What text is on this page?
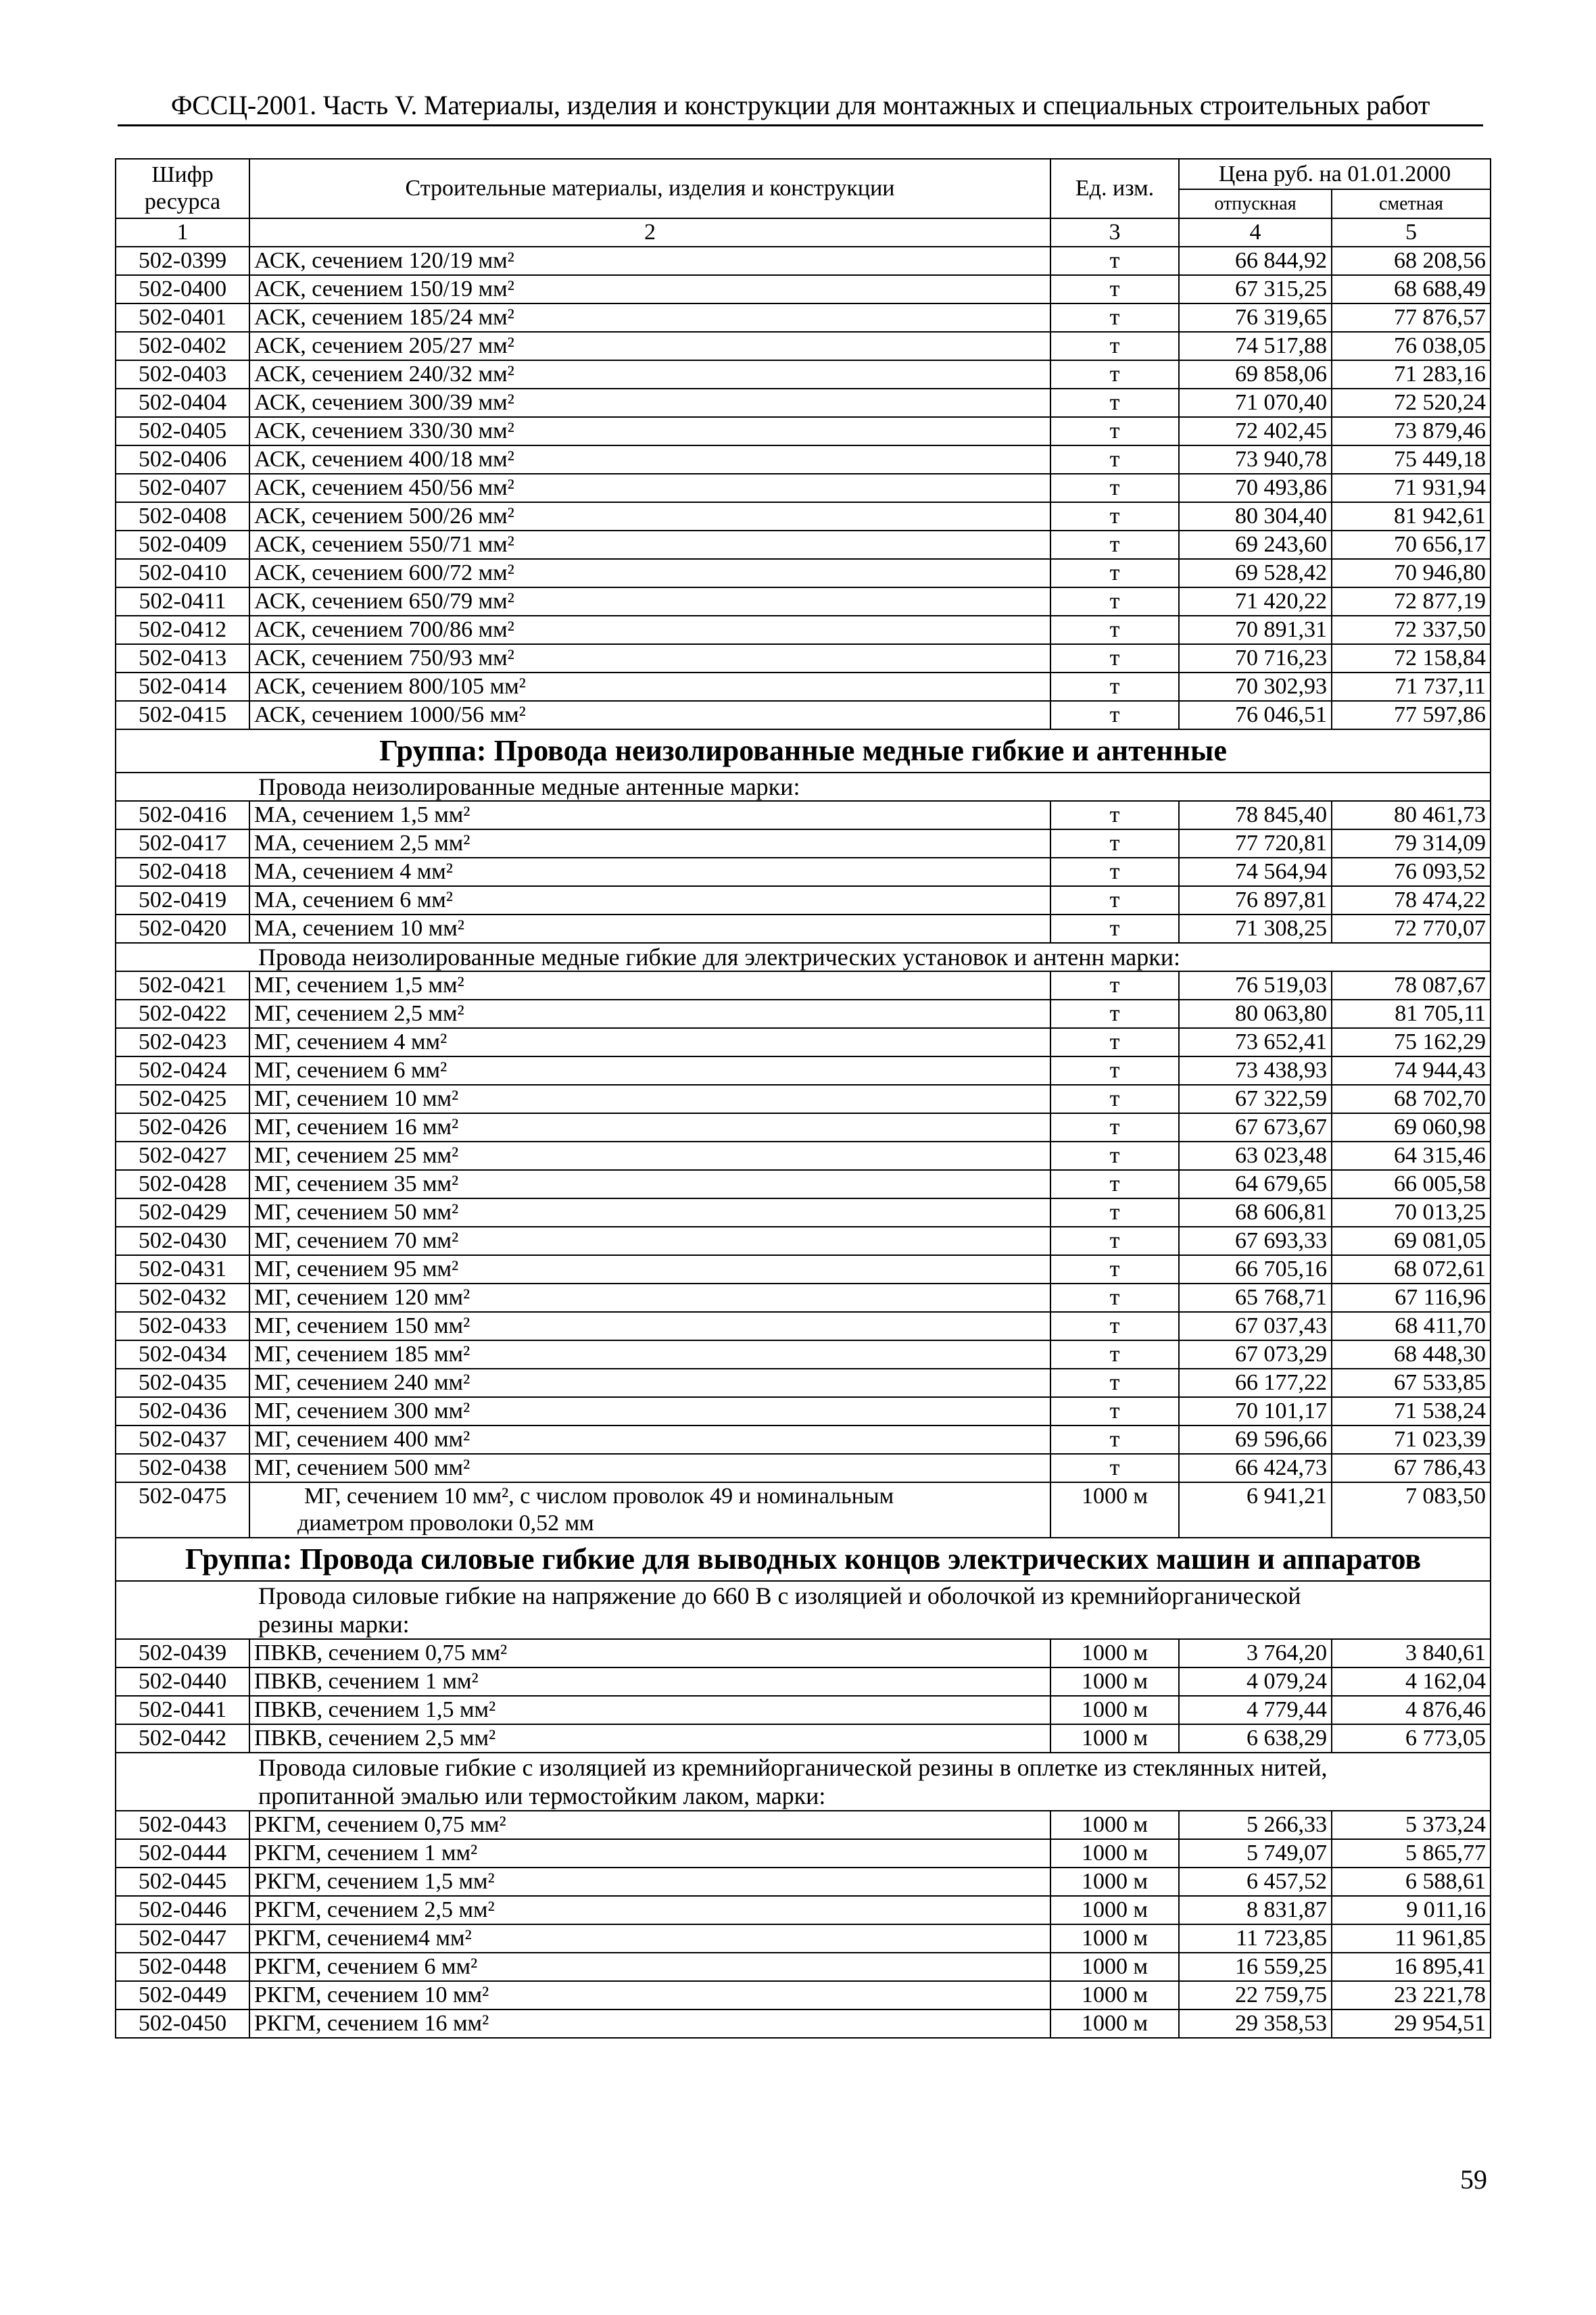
ФССЦ-2001. Часть V. Материалы, изделия и конструкции для монтажных и специальных строительных работ
Шифр ресурса	Строительные материалы, изделия и конструкции	Ед. изм.	Цена руб. на 01.01.2000	
			отпускная	сметная
1	2	3	4	5
502-0399	АСК, сечением 120/19 мм²	т	66 844,92	68 208,56
502-0400	АСК, сечением 150/19 мм²	т	67 315,25	68 688,49
502-0401	АСК, сечением 185/24 мм²	т	76 319,65	77 876,57
502-0402	АСК, сечением 205/27 мм²	т	74 517,88	76 038,05
502-0403	АСК, сечением 240/32 мм²	т	69 858,06	71 283,16
502-0404	АСК, сечением 300/39 мм²	т	71 070,40	72 520,24
502-0405	АСК, сечением 330/30 мм²	т	72 402,45	73 879,46
502-0406	АСК, сечением 400/18 мм²	т	73 940,78	75 449,18
502-0407	АСК, сечением 450/56 мм²	т	70 493,86	71 931,94
502-0408	АСК, сечением 500/26 мм²	т	80 304,40	81 942,61
502-0409	АСК, сечением 550/71 мм²	т	69 243,60	70 656,17
502-0410	АСК, сечением 600/72 мм²	т	69 528,42	70 946,80
502-0411	АСК, сечением 650/79 мм²	т	71 420,22	72 877,19
502-0412	АСК, сечением 700/86 мм²	т	70 891,31	72 337,50
502-0413	АСК, сечением 750/93 мм²	т	70 716,23	72 158,84
502-0414	АСК, сечением 800/105 мм²	т	70 302,93	71 737,11
502-0415	АСК, сечением 1000/56 мм²	т	76 046,51	77 597,86
Группа: Провода неизолированные медные гибкие и антенные				
Провода неизолированные медные антенные марки:				
502-0416	МА, сечением 1,5 мм²	т	78 845,40	80 461,73
502-0417	МА, сечением 2,5 мм²	т	77 720,81	79 314,09
502-0418	МА, сечением 4 мм²	т	74 564,94	76 093,52
502-0419	МА, сечением 6 мм²	т	76 897,81	78 474,22
502-0420	МА, сечением 10 мм²	т	71 308,25	72 770,07
Провода неизолированные медные гибкие для электрических установок и антенн марки:				
502-0421	МГ, сечением 1,5 мм²	т	76 519,03	78 087,67
502-0422	МГ, сечением 2,5 мм²	т	80 063,80	81 705,11
502-0423	МГ, сечением 4 мм²	т	73 652,41	75 162,29
502-0424	МГ, сечением 6 мм²	т	73 438,93	74 944,43
502-0425	МГ, сечением 10 мм²	т	67 322,59	68 702,70
502-0426	МГ, сечением 16 мм²	т	67 673,67	69 060,98
502-0427	МГ, сечением 25 мм²	т	63 023,48	64 315,46
502-0428	МГ, сечением 35 мм²	т	64 679,65	66 005,58
502-0429	МГ, сечением 50 мм²	т	68 606,81	70 013,25
502-0430	МГ, сечением 70 мм²	т	67 693,33	69 081,05
502-0431	МГ, сечением 95 мм²	т	66 705,16	68 072,61
502-0432	МГ, сечением 120 мм²	т	65 768,71	67 116,96
502-0433	МГ, сечением 150 мм²	т	67 037,43	68 411,70
502-0434	МГ, сечением 185 мм²	т	67 073,29	68 448,30
502-0435	МГ, сечением 240 мм²	т	66 177,22	67 533,85
502-0436	МГ, сечением 300 мм²	т	70 101,17	71 538,24
502-0437	МГ, сечением 400 мм²	т	69 596,66	71 023,39
502-0438	МГ, сечением 500 мм²	т	66 424,73	67 786,43
502-0475	МГ, сечением 10 мм², с числом проволок 49 и номинальным
диаметром проволоки 0,52 мм	1000 м	6 941,21	7 083,50
Группа: Провода силовые гибкие для выводных концов электрических машин и аппаратов				

Провода силовые гибкие на напряжение до 660 В с изоляцией и оболочкой из кремнийорганической
резины марки:				

502-0439	ПВКВ, сечением 0,75 мм²	1000 м	3 764,20	3 840,61
502-0440	ПВКВ, сечением 1 мм²	1000 м	4 079,24	4 162,04
502-0441	ПВКВ, сечением 1,5 мм²	1000 м	4 779,44	4 876,46
502-0442	ПВКВ, сечением 2,5 мм²	1000 м	6 638,29	6 773,05

Провода силовые гибкие с изоляцией из кремнийорганической резины в оплетке из стеклянных нитей,
пропитанной эмалью или термостойким лаком, марки:				

502-0443	РКГМ, сечением 0,75 мм²	1000 м	5 266,33	5 373,24
502-0444	РКГМ, сечением 1 мм²	1000 м	5 749,07	5 865,77
502-0445	РКГМ, сечением 1,5 мм²	1000 м	6 457,52	6 588,61
502-0446	РКГМ, сечением 2,5 мм²	1000 м	8 831,87	9 011,16
502-0447	РКГМ, сечением4 мм²	1000 м	11 723,85	11 961,85
502-0448	РКГМ, сечением 6 мм²	1000 м	16 559,25	16 895,41
502-0449	РКГМ, сечением 10 мм²	1000 м	22 759,75	23 221,78
502-0450	РКГМ, сечением 16 мм²	1000 м	29 358,53	29 954,51
59
